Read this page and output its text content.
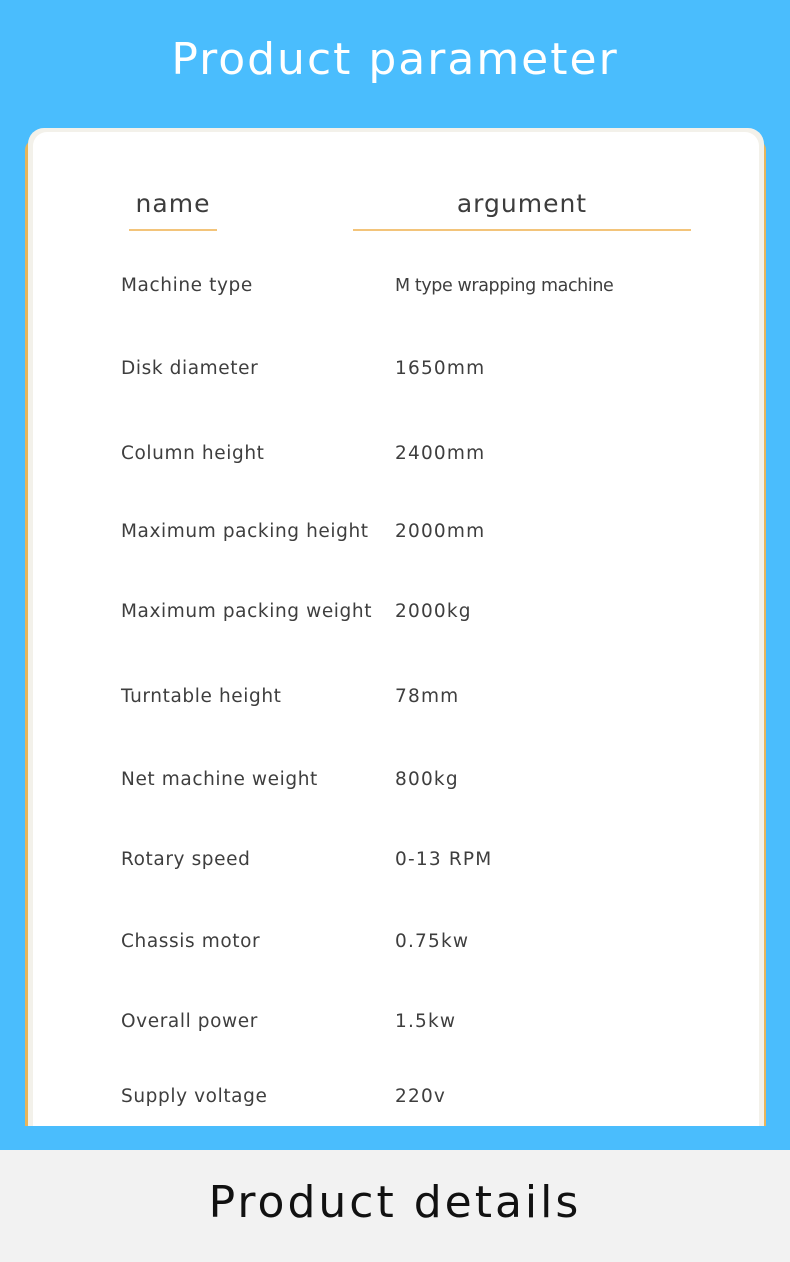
Product parameter
name	argument
Machine type	M type wrapping machine
Disk diameter	1650mm
Column height	2400mm
Maximum packing height 2000mm
Maximum packing weight 2000kg
Turntable height	78mm
Net machine weight	800kg
Rotary speed	0-13 RPM
Chassis motor	0.75kw
Overall power	1.5kw
Supply voltage	220v
Product details
